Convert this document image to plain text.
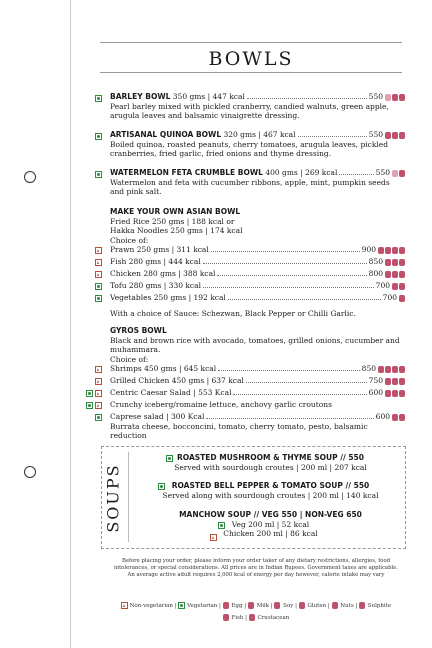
BOWLS
BARLEY BOWL 350 gms | 447 kcal	550
Pearl barley mixed with pickled cranberry, candied walnuts, green apple, arugula leaves and balsamic vinaigrette dressing.
ARTISANAL QUINOA BOWL 320 gms | 467 kcal	550
Boiled quinoa, roasted peanuts, cherry tomatoes, arugula leaves, pickled cranberries, fried garlic, fried onions and thyme dressing.
WATERMELON FETA CRUMBLE BOWL 400 gms | 269 kcal	550
Watermelon and feta with cucumber ribbons, apple, mint, pumpkin seeds and pink salt.
MAKE YOUR OWN ASIAN BOWL
Fried Rice 250 gms | 188 kcal or
Hakka Noodles 250 gms | 174 kcal
Choice of:
Prawn 250 gms | 311 kcal	900
Fish 280 gms | 444 kcal	850
Chicken 280 gms | 388 kcal	800
Tofu 280 gms | 330 kcal	700
Vegetables 250 gms | 192 kcal	700
With a choice of Sauce: Schezwan, Black Pepper or Chilli Garlic.
GYROS BOWL
Black and brown rice with avocado, tomatoes, grilled onions, cucumber and muhammara.
Choice of:
Shrimps 450 gms | 645 kcal	850
Grilled Chicken 450 gms | 637 kcal	750
Centric Caesar Salad | 553 Kcal	600
Crunchy iceberg/romaine lettuce, anchovy garlic croutons
Caprese salad | 300 Kcal	600
Burrata cheese, bocconcini, tomato, cherry tomato, pesto, balsamic reduction
SOUPS
ROASTED MUSHROOM & THYME SOUP // 550
Served with sourdough croutes | 200 ml | 207 kcal
ROASTED BELL PEPPER & TOMATO SOUP // 550
Served along with sourdough croutes | 200 ml | 140 kcal
MANCHOW SOUP // VEG 550 | NON-VEG 650
Veg 200 ml | 52 kcal
Chicken 200 ml | 86 kcal
Before placing your order, please inform your order taker of any dietary restrictions, allergies, food intolerances, or special considerations. All prices are in Indian Rupees. Government taxes are applicable. An average active adult requires 2,000 kcal of energy per day however, calorie intake may vary
Non-vegetarian |  Vegetarian |  Egg |  Milk |  Soy |  Gluten |  Nuts |  Sulphite
Fish |  Crustacean
